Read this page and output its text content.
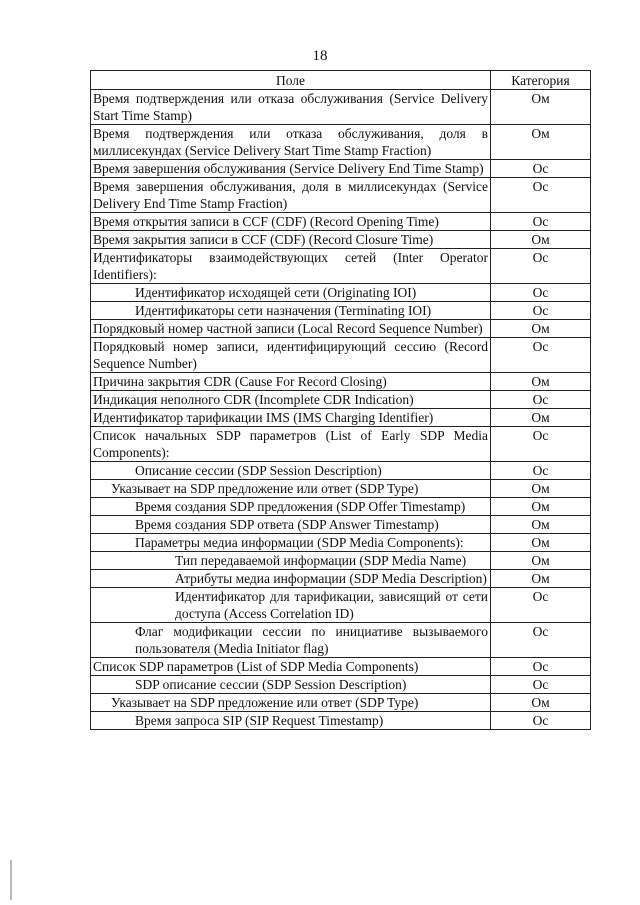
18
Поле	Категория
Время подтверждения или отказа обслуживания (Service Delivery Start Time Stamp)	Oм
Время подтверждения или отказа обслуживания, доля в миллисекундах (Service Delivery Start Time Stamp Fraction)	Oм
Время завершения обслуживания (Service Delivery End Time Stamp)	Oс
Время завершения обслуживания, доля в миллисекундах (Service Delivery End Time Stamp Fraction)	Oс
Время открытия записи в CCF (CDF) (Record Opening Time)	Oс
Время закрытия записи в CCF (CDF) (Record Closure Time)	Oм
Идентификаторы взаимодействующих сетей (Inter Operator Identifiers):	Oс
Идентификатор исходящей сети (Originating IOI)	Oс
Идентификаторы сети назначения (Terminating IOI)	Oс
Порядковый номер частной записи (Local Record Sequence Number)	Oм
Порядковый номер записи, идентифицирующий сессию (Record Sequence Number)	Oс
Причина закрытия CDR (Cause For Record Closing)	Oм
Индикация неполного CDR (Incomplete CDR Indication)	Oс
Идентификатор тарификации IMS (IMS Charging Identifier)	Ом
Список начальных SDP параметров (List of Early SDP Media Components):	Ос
Описание сессии (SDP Session Description)	Ос
Указывает на SDP предложение или ответ (SDP Type)	Ом
Время создания SDP предложения (SDP Offer Timestamp)	Ом
Время создания SDP ответа (SDP Answer Timestamp)	Ом
Параметры медиа информации (SDP Media Components):	Ом
Тип передаваемой информации (SDP Media Name)	Ом
Атрибуты медиа информации (SDP Media Description)	Ом
Идентификатор для тарификации, зависящий от сети доступа (Access Correlation ID)	Ос
Флаг модификации сессии по инициативе вызываемого пользователя (Media Initiator flag)	Ос
Список SDP параметров (List of SDP Media Components)	Ос
SDP описание сессии (SDP Session Description)	Ос
Указывает на SDP предложение или ответ (SDP Type)	Ом
Время запроса SIP (SIP Request Timestamp)	Ос
